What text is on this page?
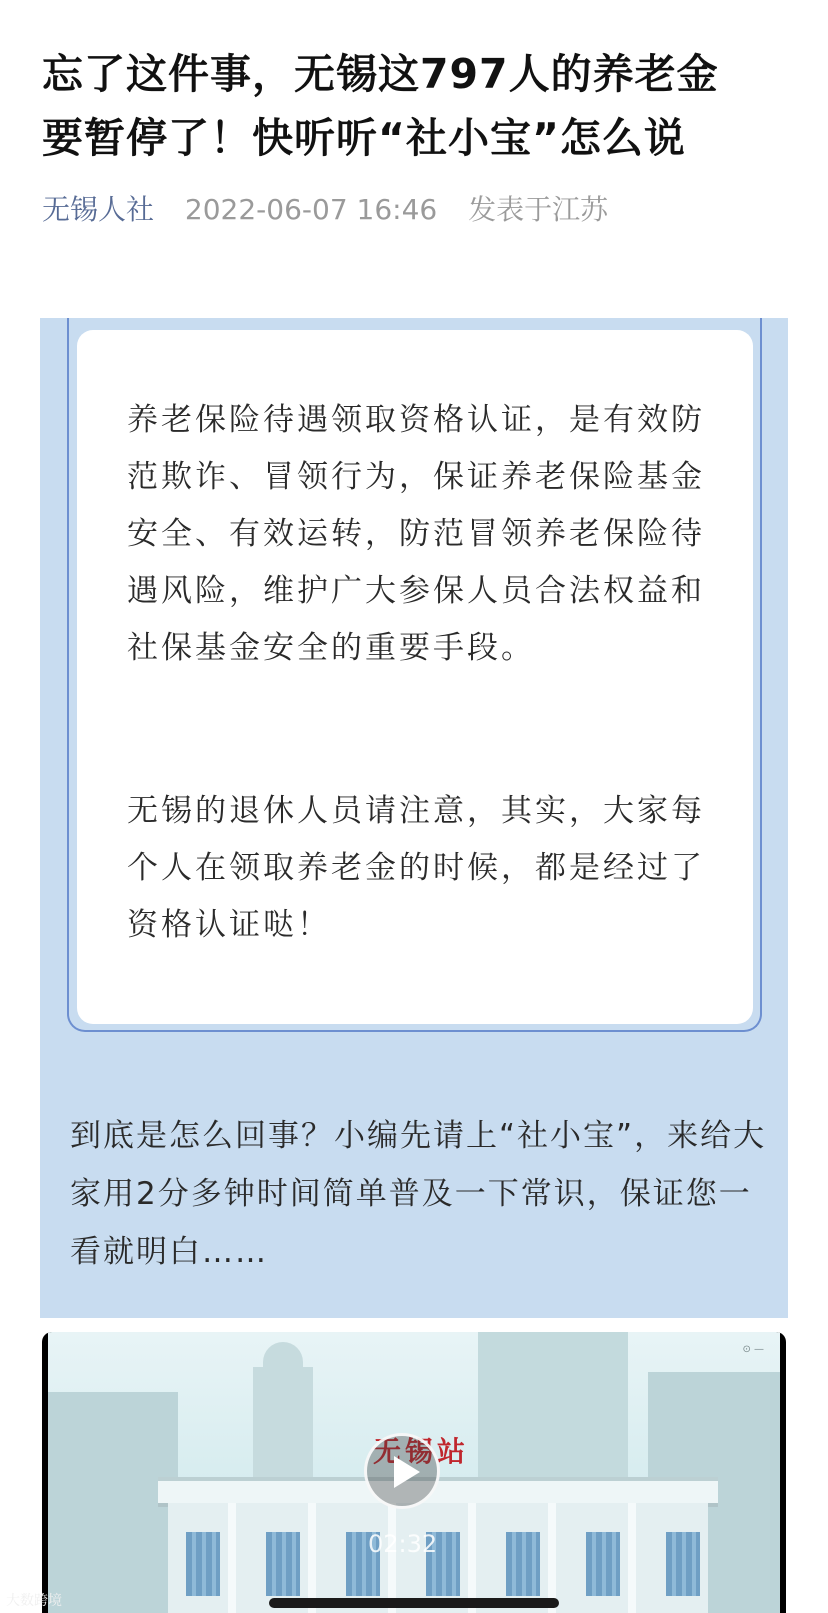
忘了这件事，无锡这797人的养老金
要暂停了！快听听“社小宝”怎么说
无锡人社 2022-06-07 16:46 发表于江苏

养老保险待遇领取资格认证，是有效防范欺诈、冒领行为，保证养老保险基金安全、有效运转，防范冒领养老保险待遇风险，维护广大参保人员合法权益和社保基金安全的重要手段。

无锡的退休人员请注意，其实，大家每个人在领取养老金的时候，都是经过了资格认证哒！

到底是怎么回事？小编先请上“社小宝”，来给大家用2分多钟时间简单普及一下常识，保证您一看就明白……

无锡站
⊙ —
02:32
大数跨境
